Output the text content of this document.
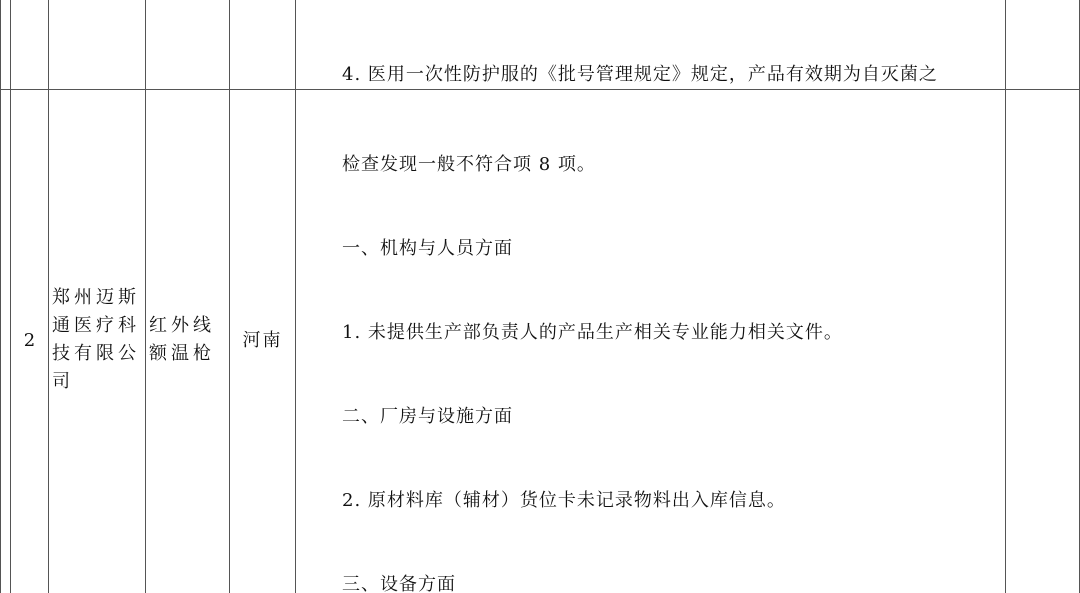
4. 医用一次性防护服的《批号管理规定》规定，产品有效期为自灭菌之

2
郑州迈斯
通医疗科
技有限公
司
红外线
额温枪
河南

检查发现一般不符合项 8 项。

一、机构与人员方面

1. 未提供生产部负责人的产品生产相关专业能力相关文件。

二、厂房与设施方面

2. 原材料库（辅材）货位卡未记录物料出入库信息。

三、设备方面
